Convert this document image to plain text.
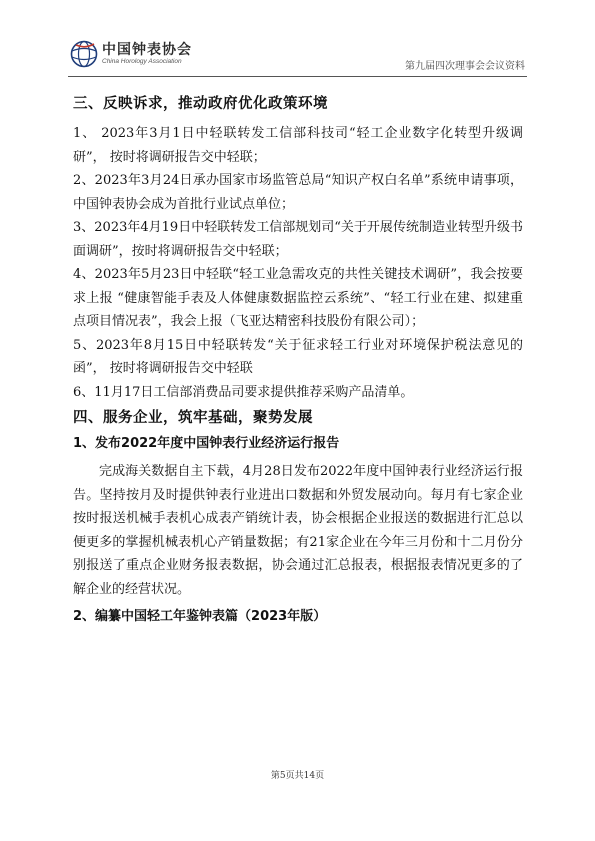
中国钟表协会
China Horology Association	第九届四次理事会会议资料

三、反映诉求，推动政府优化政策环境

1、 2023年3月1日中轻联转发工信部科技司“轻工企业数字化转型升级调研”， 按时将调研报告交中轻联；

2、2023年3月24日承办国家市场监管总局“知识产权白名单”系统申请事项，中国钟表协会成为首批行业试点单位；

3、2023年4月19日中轻联转发工信部规划司“关于开展传统制造业转型升级书面调研”，按时将调研报告交中轻联；

4、2023年5月23日中轻联“轻工业急需攻克的共性关键技术调研”，我会按要求上报 “健康智能手表及人体健康数据监控云系统”、“轻工行业在建、拟建重点项目情况表”，我会上报（飞亚达精密科技股份有限公司）；

5、2023年8月15日中轻联转发“关于征求轻工行业对环境保护税法意见的函”， 按时将调研报告交中轻联

6、11月17日工信部消费品司要求提供推荐采购产品清单。

四、服务企业，筑牢基础，聚势发展

1、发布2022年度中国钟表行业经济运行报告

完成海关数据自主下载，4月28日发布2022年度中国钟表行业经济运行报告。坚持按月及时提供钟表行业进出口数据和外贸发展动向。每月有七家企业按时报送机械手表机心成表产销统计表，协会根据企业报送的数据进行汇总以便更多的掌握机械表机心产销量数据；有21家企业在今年三月份和十二月份分别报送了重点企业财务报表数据，协会通过汇总报表，根据报表情况更多的了解企业的经营状况。

2、编纂中国轻工年鉴钟表篇（2023年版）

第5页共14页
